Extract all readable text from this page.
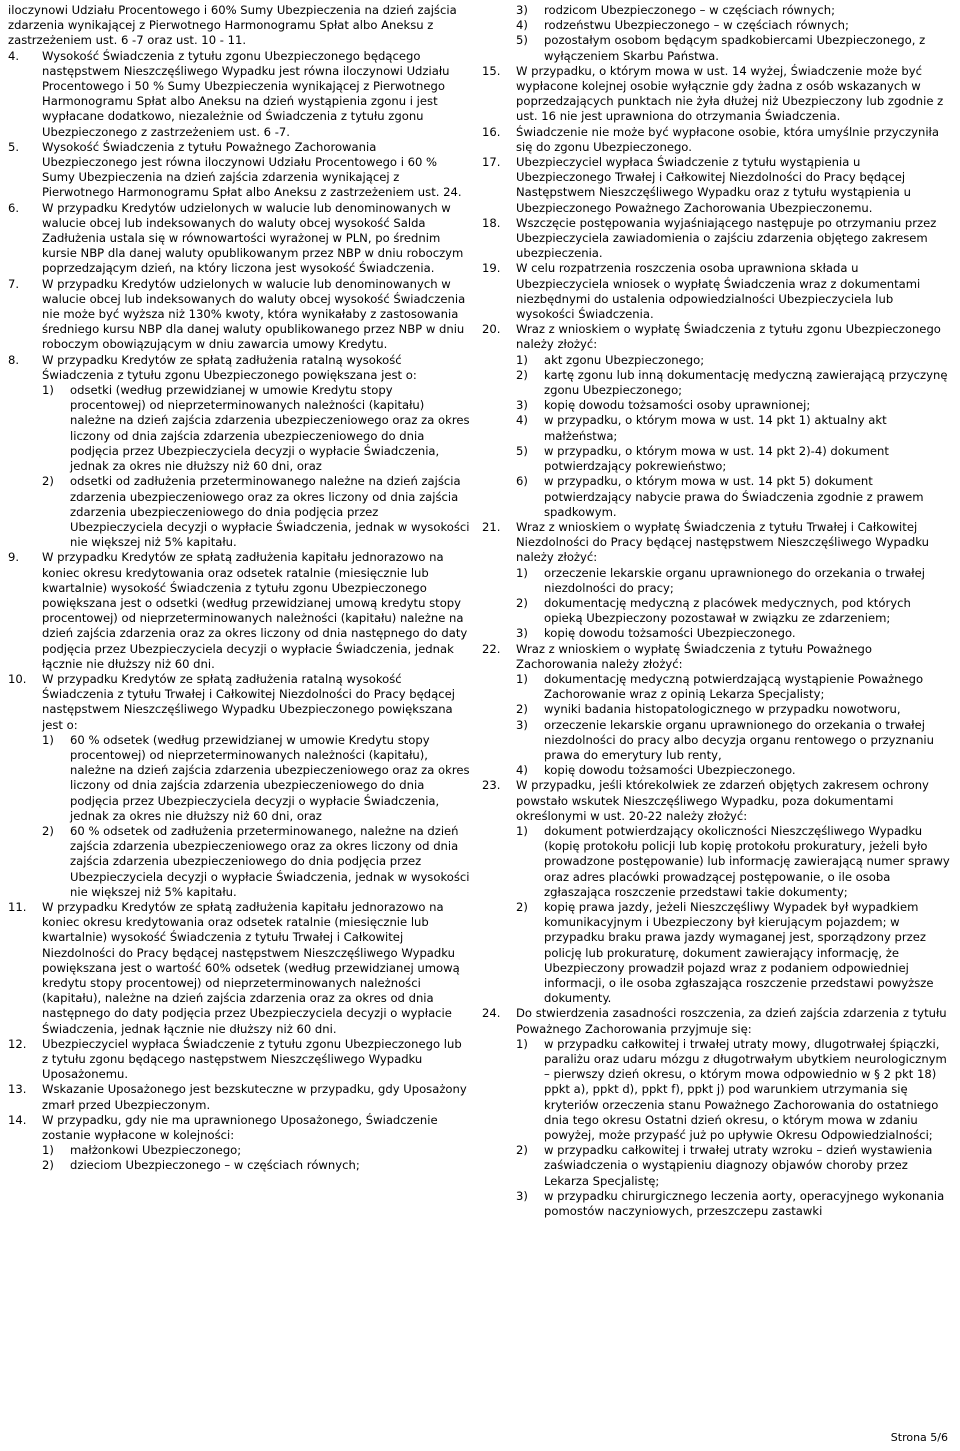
iloczynowi Udziału Procentowego i 60% Sumy Ubezpieczenia na dzień zajścia zdarzenia wynikającej z Pierwotnego Harmonogramu Spłat albo Aneksu z zastrzeżeniem ust. 6 -7 oraz ust. 10 - 11.

4.	Wysokość Świadczenia z tytułu zgonu Ubezpieczonego będącego następstwem Nieszczęśliwego Wypadku jest równa iloczynowi Udziału Procentowego i 50 % Sumy Ubezpieczenia wynikającej z Pierwotnego Harmonogramu Spłat albo Aneksu na dzień wystąpienia zgonu i jest wypłacane dodatkowo, niezależnie od Świadczenia z tytułu zgonu Ubezpieczonego z zastrzeżeniem ust. 6 -7.
5.	Wysokość Świadczenia z tytułu Poważnego Zachorowania Ubezpieczonego jest równa iloczynowi Udziału Procentowego i 60 % Sumy Ubezpieczenia na dzień zajścia zdarzenia wynikającej z Pierwotnego Harmonogramu Spłat albo Aneksu z zastrzeżeniem ust. 24.
6.	W przypadku Kredytów udzielonych w walucie lub denominowanych w walucie obcej lub indeksowanych do waluty obcej wysokość Salda Zadłużenia ustala się w równowartości wyrażonej w PLN, po średnim kursie NBP dla danej waluty opublikowanym przez NBP w dniu roboczym poprzedzającym dzień, na który liczona jest wysokość Świadczenia.
7.	W przypadku Kredytów udzielonych w walucie lub denominowanych w walucie obcej lub indeksowanych do waluty obcej wysokość Świadczenia nie może być wyższa niż 130% kwoty, która wynikałaby z zastosowania średniego kursu NBP dla danej waluty opublikowanego przez NBP w dniu roboczym obowiązującym w dniu zawarcia umowy Kredytu.
8.	W przypadku Kredytów ze spłatą zadłużenia ratalną wysokość Świadczenia z tytułu zgonu Ubezpieczonego powiększana jest o:
1)	odsetki (według przewidzianej w umowie Kredytu stopy procentowej) od nieprzeterminowanych należności (kapitału) należne na dzień zajścia zdarzenia ubezpieczeniowego oraz za okres liczony od dnia zajścia zdarzenia ubezpieczeniowego do dnia podjęcia przez Ubezpieczyciela decyzji o wypłacie Świadczenia, jednak za okres nie dłuższy niż 60 dni, oraz
2)	odsetki od zadłużenia przeterminowanego należne na dzień zajścia zdarzenia ubezpieczeniowego oraz za okres liczony od dnia zajścia zdarzenia ubezpieczeniowego do dnia podjęcia przez Ubezpieczyciela decyzji o wypłacie Świadczenia, jednak w wysokości nie większej niż 5% kapitału.
9.	W przypadku Kredytów ze spłatą zadłużenia kapitału jednorazowo na koniec okresu kredytowania oraz odsetek ratalnie (miesięcznie lub kwartalnie) wysokość Świadczenia z tytułu zgonu Ubezpieczonego powiększana jest o odsetki (według przewidzianej umową kredytu stopy procentowej) od nieprzeterminowanych należności (kapitału) należne na dzień zajścia zdarzenia oraz za okres liczony od dnia następnego do daty podjęcia przez Ubezpieczyciela decyzji o wypłacie Świadczenia, jednak łącznie nie dłuższy niż 60 dni.
10.	W przypadku Kredytów ze spłatą zadłużenia ratalną wysokość Świadczenia z tytułu Trwałej i Całkowitej Niezdolności do Pracy będącej następstwem Nieszczęśliwego Wypadku Ubezpieczonego powiększana jest o:
1)	60 % odsetek (według przewidzianej w umowie Kredytu stopy procentowej) od nieprzeterminowanych należności (kapitału), należne na dzień zajścia zdarzenia ubezpieczeniowego oraz za okres liczony od dnia zajścia zdarzenia ubezpieczeniowego do dnia podjęcia przez Ubezpieczyciela decyzji o wypłacie Świadczenia, jednak za okres nie dłuższy niż 60 dni, oraz
2)	60 % odsetek od zadłużenia przeterminowanego, należne na dzień zajścia zdarzenia ubezpieczeniowego oraz za okres liczony od dnia zajścia zdarzenia ubezpieczeniowego do dnia podjęcia przez Ubezpieczyciela decyzji o wypłacie Świadczenia, jednak w wysokości nie większej niż 5% kapitału.
11.	W przypadku Kredytów ze spłatą zadłużenia kapitału jednorazowo na koniec okresu kredytowania oraz odsetek ratalnie (miesięcznie lub kwartalnie) wysokość Świadczenia z tytułu Trwałej i Całkowitej Niezdolności do Pracy będącej następstwem Nieszczęśliwego Wypadku powiększana jest o wartość 60% odsetek (według przewidzianej umową kredytu stopy procentowej) od nieprzeterminowanych należności (kapitału), należne na dzień zajścia zdarzenia oraz za okres od dnia następnego do daty podjęcia przez Ubezpieczyciela decyzji o wypłacie Świadczenia, jednak łącznie nie dłuższy niż 60 dni.
12.	Ubezpieczyciel wypłaca Świadczenie z tytułu zgonu Ubezpieczonego lub z tytułu zgonu będącego następstwem Nieszczęśliwego Wypadku Uposażonemu.
13.	Wskazanie Uposażonego jest bezskuteczne w przypadku, gdy Uposażony zmarł przed Ubezpieczonym.
14.	W przypadku, gdy nie ma uprawnionego Uposażonego, Świadczenie zostanie wypłacone w kolejności:
1)	małżonkowi Ubezpieczonego;
2)	dzieciom Ubezpieczonego – w częściach równych;
3)	rodzicom Ubezpieczonego – w częściach równych;
4)	rodzeństwu Ubezpieczonego – w częściach równych;
5)	pozostałym osobom będącym spadkobiercami Ubezpieczonego, z wyłączeniem Skarbu Państwa.
15.	W przypadku, o którym mowa w ust. 14 wyżej, Świadczenie może być wypłacone kolejnej osobie wyłącznie gdy żadna z osób wskazanych w poprzedzających punktach nie żyła dłużej niż Ubezpieczony lub zgodnie z ust. 16 nie jest uprawniona do otrzymania Świadczenia.
16.	Świadczenie nie może być wypłacone osobie, która umyślnie przyczyniła się do zgonu Ubezpieczonego.
17.	Ubezpieczyciel wypłaca Świadczenie z tytułu wystąpienia u Ubezpieczonego Trwałej i Całkowitej Niezdolności do Pracy będącej Następstwem Nieszczęśliwego Wypadku oraz z tytułu wystąpienia u Ubezpieczonego Poważnego Zachorowania Ubezpieczonemu.
18.	Wszczęcie postępowania wyjaśniającego następuje po otrzymaniu przez Ubezpieczyciela zawiadomienia o zajściu zdarzenia objętego zakresem ubezpieczenia.
19.	W celu rozpatrzenia roszczenia osoba uprawniona składa u Ubezpieczyciela wniosek o wypłatę Świadczenia wraz z dokumentami niezbędnymi do ustalenia odpowiedzialności Ubezpieczyciela lub wysokości Świadczenia.
20.	Wraz z wnioskiem o wypłatę Świadczenia z tytułu zgonu Ubezpieczonego należy złożyć:
1)	akt zgonu Ubezpieczonego;
2)	kartę zgonu lub inną dokumentację medyczną zawierającą przyczynę zgonu Ubezpieczonego;
3)	kopię dowodu tożsamości osoby uprawnionej;
4)	w przypadku, o którym mowa w ust. 14 pkt 1) aktualny akt małżeństwa;
5)	w przypadku, o którym mowa w ust. 14 pkt 2)-4) dokument potwierdzający pokrewieństwo;
6)	w przypadku, o którym mowa w ust. 14 pkt 5) dokument potwierdzający nabycie prawa do Świadczenia zgodnie z prawem spadkowym.
21.	Wraz z wnioskiem o wypłatę Świadczenia z tytułu Trwałej i Całkowitej Niezdolności do Pracy będącej następstwem Nieszczęśliwego Wypadku należy złożyć:
1)	orzeczenie lekarskie organu uprawnionego do orzekania o trwałej niezdolności do pracy;
2)	dokumentację medyczną z placówek medycznych, pod których opieką Ubezpieczony pozostawał w związku ze zdarzeniem;
3)	kopię dowodu tożsamości Ubezpieczonego.
22.	Wraz z wnioskiem o wypłatę Świadczenia z tytułu Poważnego Zachorowania należy złożyć:
1)	dokumentację medyczną potwierdzającą wystąpienie Poważnego Zachorowanie wraz z opinią Lekarza Specjalisty;
2)	wyniki badania histopatologicznego w przypadku nowotworu,
3)	orzeczenie lekarskie organu uprawnionego do orzekania o trwałej niezdolności do pracy albo decyzja organu rentowego o przyznaniu prawa do emerytury lub renty,
4)	kopię dowodu tożsamości Ubezpieczonego.
23.	W przypadku, jeśli którekolwiek ze zdarzeń objętych zakresem ochrony powstało wskutek Nieszczęśliwego Wypadku, poza dokumentami określonymi w ust. 20-22 należy złożyć:
1)	dokument potwierdzający okoliczności Nieszczęśliwego Wypadku (kopię protokołu policji lub kopię protokołu prokuratury, jeżeli było prowadzone postępowanie) lub informację zawierającą numer sprawy oraz adres placówki prowadzącej postępowanie, o ile osoba zgłaszająca roszczenie przedstawi takie dokumenty;
2)	kopię prawa jazdy, jeżeli Nieszczęśliwy Wypadek był wypadkiem komunikacyjnym i Ubezpieczony był kierującym pojazdem; w przypadku braku prawa jazdy wymaganej jest, sporządzony przez policję lub prokuraturę, dokument zawierający informację, że Ubezpieczony prowadził pojazd wraz z podaniem odpowiedniej informacji, o ile osoba zgłaszająca roszczenie przedstawi powyższe dokumenty.
24.	Do stwierdzenia zasadności roszczenia, za dzień zajścia zdarzenia z tytułu Poważnego Zachorowania przyjmuje się:
1)	w przypadku całkowitej i trwałej utraty mowy, dlugotrwałej śpiączki, paraliżu oraz udaru mózgu z długotrwałym ubytkiem neurologicznym – pierwszy dzień okresu, o którym mowa odpowiednio w § 2 pkt 18) ppkt a), ppkt d), ppkt f), ppkt j) pod warunkiem utrzymania się kryteriów orzeczenia stanu Poważnego Zachorowania do ostatniego dnia tego okresu Ostatni dzień okresu, o którym mowa w zdaniu powyżej, może przypaść już po upływie Okresu Odpowiedzialności;
2)	w przypadku całkowitej i trwałej utraty wzroku – dzień wystawienia zaświadczenia o wystąpieniu diagnozy objawów choroby przez Lekarza Specjalistę;
3)	w przypadku chirurgicznego leczenia aorty, operacyjnego wykonania pomostów naczyniowych, przeszczepu zastawki
Strona 5/6
